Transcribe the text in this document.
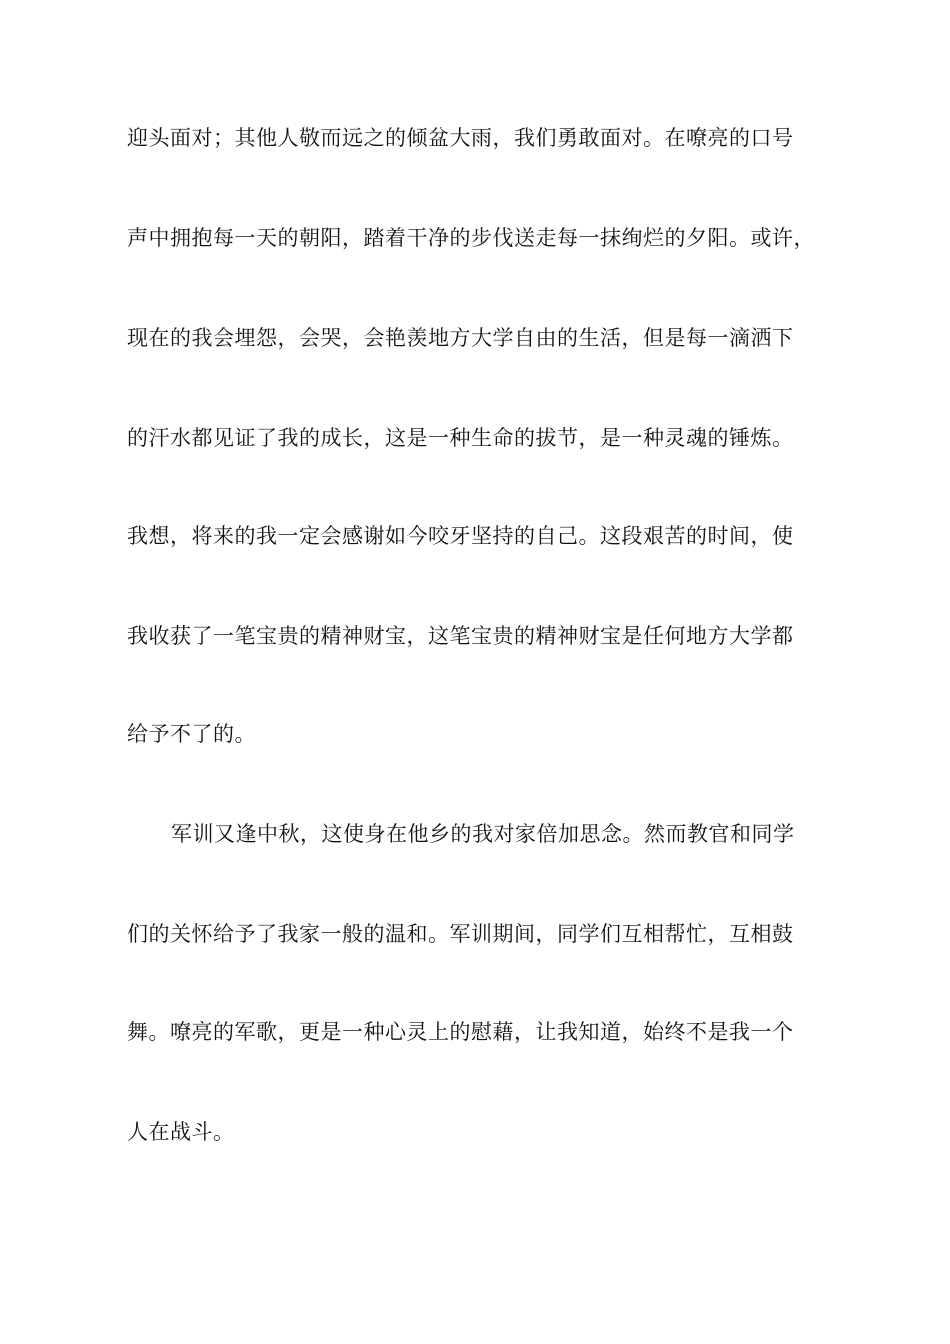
迎头面对；其他人敬而远之的倾盆大雨，我们勇敢面对。在嘹亮的口号
声中拥抱每一天的朝阳，踏着干净的步伐送走每一抹绚烂的夕阳。或许，
现在的我会埋怨，会哭，会艳羡地方大学自由的生活，但是每一滴洒下
的汗水都见证了我的成长，这是一种生命的拔节，是一种灵魂的锤炼。
我想，将来的我一定会感谢如今咬牙坚持的自己。这段艰苦的时间，使
我收获了一笔宝贵的精神财宝，这笔宝贵的精神财宝是任何地方大学都
给予不了的。
军训又逢中秋，这使身在他乡的我对家倍加思念。然而教官和同学
们的关怀给予了我家一般的温和。军训期间，同学们互相帮忙，互相鼓
舞。嘹亮的军歌，更是一种心灵上的慰藉，让我知道，始终不是我一个
人在战斗。
